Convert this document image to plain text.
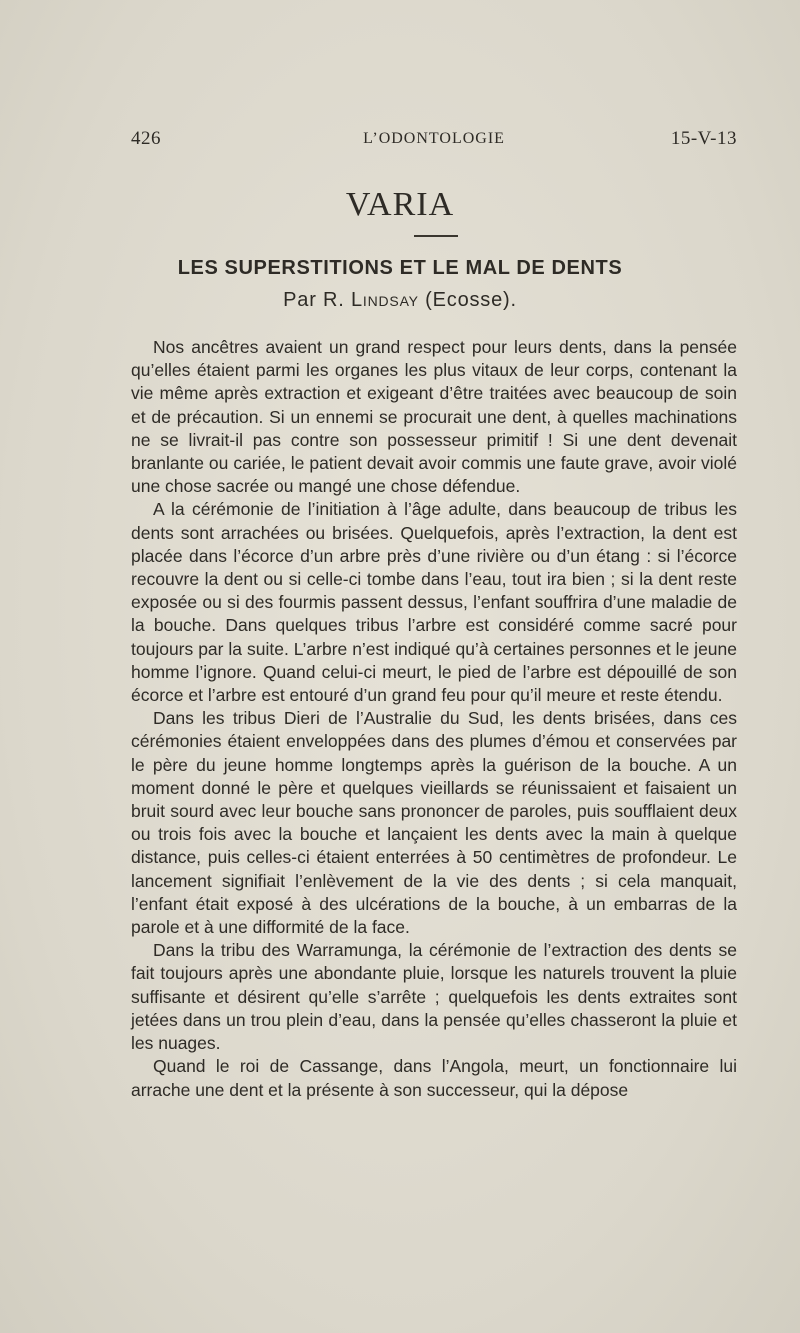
426	L’ODONTOLOGIE	15-V-13
VARIA
LES SUPERSTITIONS ET LE MAL DE DENTS
Par R. Lindsay (Ecosse).

Nos ancêtres avaient un grand respect pour leurs dents, dans la pensée qu’elles étaient parmi les organes les plus vitaux de leur corps, contenant la vie même après extraction et exigeant d’être traitées avec beaucoup de soin et de précaution. Si un ennemi se procurait une dent, à quelles machinations ne se livrait-il pas contre son possesseur primitif ! Si une dent devenait branlante ou cariée, le patient devait avoir commis une faute grave, avoir violé une chose sacrée ou mangé une chose défendue.

A la cérémonie de l’initiation à l’âge adulte, dans beaucoup de tribus les dents sont arrachées ou brisées. Quelquefois, après l’extraction, la dent est placée dans l’écorce d’un arbre près d’une rivière ou d’un étang : si l’écorce recouvre la dent ou si celle-ci tombe dans l’eau, tout ira bien ; si la dent reste exposée ou si des fourmis passent dessus, l’enfant souffrira d’une maladie de la bouche. Dans quelques tribus l’arbre est considéré comme sacré pour toujours par la suite. L’arbre n’est indiqué qu’à certaines personnes et le jeune homme l’ignore. Quand celui-ci meurt, le pied de l’arbre est dépouillé de son écorce et l’arbre est entouré d’un grand feu pour qu’il meure et reste étendu.

Dans les tribus Dieri de l’Australie du Sud, les dents brisées, dans ces cérémonies étaient enveloppées dans des plumes d’émou et conservées par le père du jeune homme longtemps après la guérison de la bouche. A un moment donné le père et quelques vieillards se réunissaient et faisaient un bruit sourd avec leur bouche sans prononcer de paroles, puis soufflaient deux ou trois fois avec la bouche et lançaient les dents avec la main à quelque distance, puis celles-ci étaient enterrées à 50 centimètres de profondeur. Le lancement signifiait l’enlèvement de la vie des dents ; si cela manquait, l’enfant était exposé à des ulcérations de la bouche, à un embarras de la parole et à une difformité de la face.

Dans la tribu des Warramunga, la cérémonie de l’extraction des dents se fait toujours après une abondante pluie, lorsque les naturels trouvent la pluie suffisante et désirent qu’elle s’arrête ; quelquefois les dents extraites sont jetées dans un trou plein d’eau, dans la pensée qu’elles chasseront la pluie et les nuages.

Quand le roi de Cassange, dans l’Angola, meurt, un fonctionnaire lui arrache une dent et la présente à son successeur, qui la dépose
